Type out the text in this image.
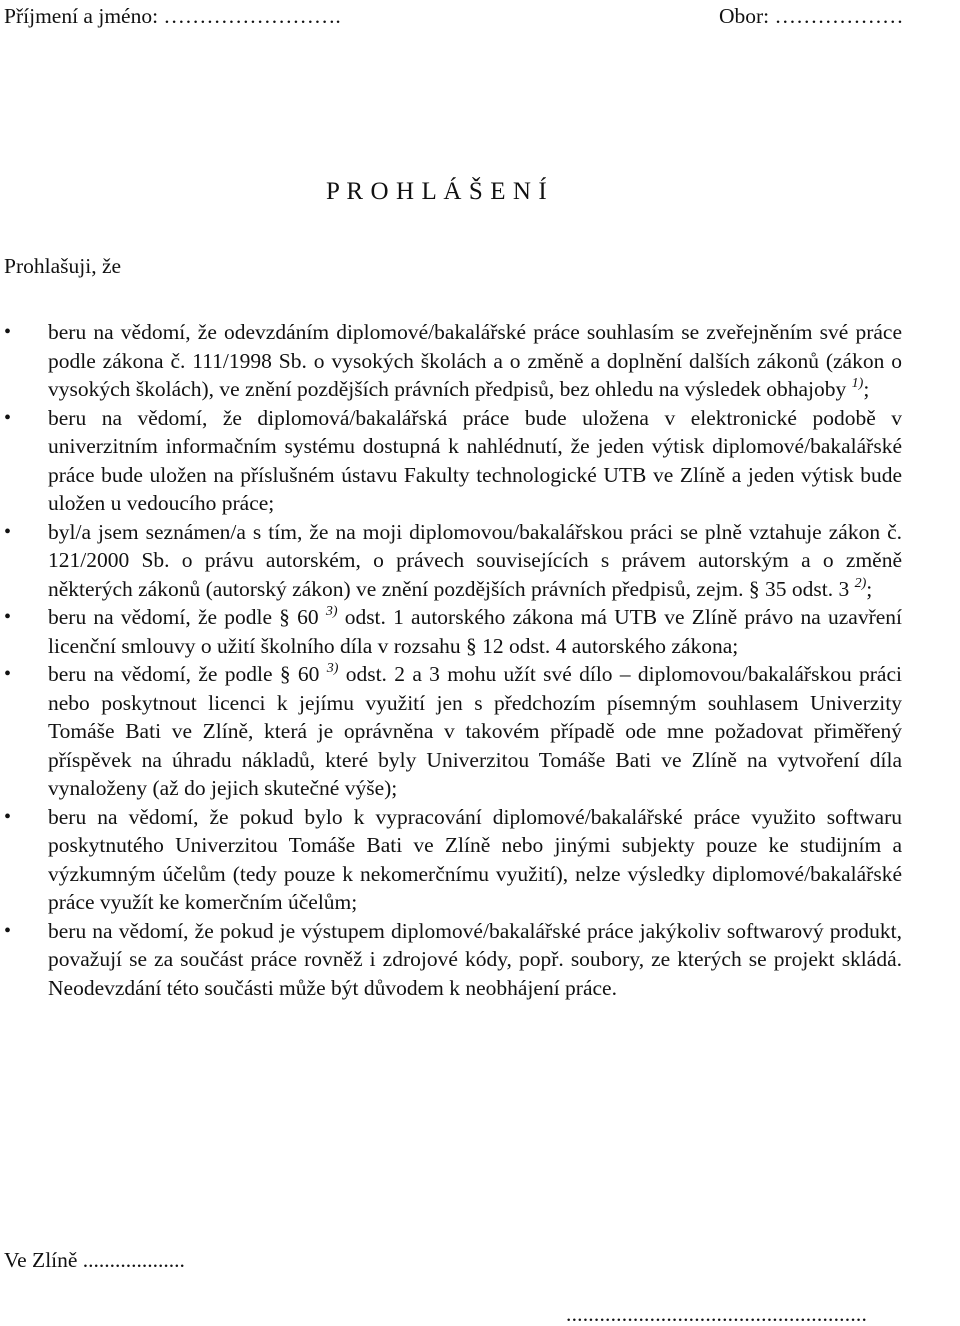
Příjmení a jméno: …………………….	Obor: ………………
P R O H L Á Š E N Í
Prohlašuji, že
• beru na vědomí, že odevzdáním diplomové/bakalářské práce souhlasím se zveřejněním své práce podle zákona č. 111/1998 Sb. o vysokých školách a o změně a doplnění dalších zákonů (zákon o vysokých školách), ve znění pozdějších právních předpisů, bez ohledu na výsledek obhajoby $^{1)}$;
• beru na vědomí, že diplomová/bakalářská práce bude uložena v elektronické podobě v univerzitním informačním systému dostupná k nahlédnutí, že jeden výtisk diplomové/bakalářské práce bude uložen na příslušném ústavu Fakulty technologické UTB ve Zlíně a jeden výtisk bude uložen u vedoucího práce;
• byl/a jsem seznámen/a s tím, že na moji diplomovou/bakalářskou práci se plně vztahuje zákon č. 121/2000 Sb. o právu autorském, o právech souvisejících s právem autorským a o změně některých zákonů (autorský zákon) ve znění pozdějších právních předpisů, zejm. § 35 odst. 3 $^{2)}$;
• beru na vědomí, že podle § 60 $^{3)}$ odst. 1 autorského zákona má UTB ve Zlíně právo na uzavření licenční smlouvy o užití školního díla v rozsahu § 12 odst. 4 autorského zákona;
• beru na vědomí, že podle § 60 $^{3)}$ odst. 2 a 3 mohu užít své dílo – diplomovou/bakalářskou práci nebo poskytnout licenci k jejímu využití jen s předchozím písemným souhlasem Univerzity Tomáše Bati ve Zlíně, která je oprávněna v takovém případě ode mne požadovat přiměřený příspěvek na úhradu nákladů, které byly Univerzitou Tomáše Bati ve Zlíně na vytvoření díla vynaloženy (až do jejich skutečné výše);
• beru na vědomí, že pokud bylo k vypracování diplomové/bakalářské práce využito softwaru poskytnutého Univerzitou Tomáše Bati ve Zlíně nebo jinými subjekty pouze ke studijním a výzkumným účelům (tedy pouze k nekomerčnímu využití), nelze výsledky diplomové/bakalářské práce využít ke komerčním účelům;
• beru na vědomí, že pokud je výstupem diplomové/bakalářské práce jakýkoliv softwarový produkt, považují se za součást práce rovněž i zdrojové kódy, popř. soubory, ze kterých se projekt skládá. Neodevzdání této součásti může být důvodem k neobhájení práce.
Ve Zlíně ...................
......................................................
